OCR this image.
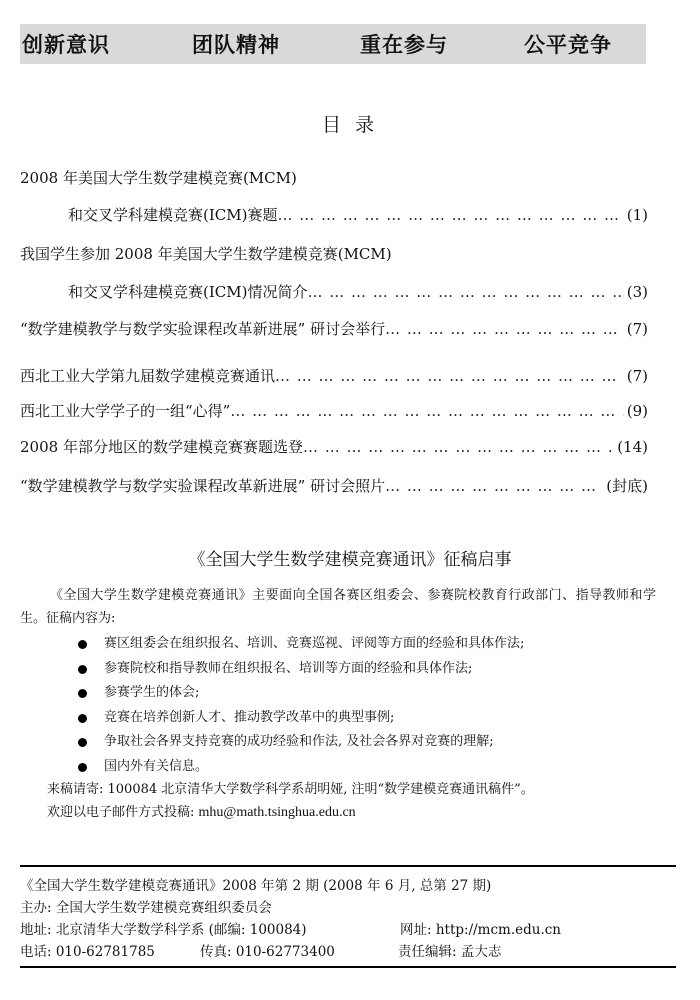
创新意识	团队精神	重在参与	公平竞争
目 录
2008 年美国大学生数学建模竞赛(MCM)
和交叉学科建模竞赛(ICM)赛题 … … … … … … … … … … … … … … … … … … … … … … … … … … … … … … … … … … … … … … … … … …	(1)
我国学生参加 2008 年美国大学生数学建模竞赛(MCM)
和交叉学科建模竞赛(ICM)情况简介 … … … … … … … … … … … … … … … … … … … … … … … … … … … … … … … … … … … … … … … … … …	(3)
“数学建模教学与数学实验课程改革新进展” 研讨会举行 … … … … … … … … … … … … … … … … … … … … … … … … … … … … … … … … … … … … … … … … … …	(7)
西北工业大学第九届数学建模竞赛通讯 … … … … … … … … … … … … … … … … … … … … … … … … … … … … … … … … … … … … … … … … … …	(7)
西北工业大学学子的一组“心得” … … … … … … … … … … … … … … … … … … … … … … … … … … … … … … … … … … … … … … … … … …	(9)
2008 年部分地区的数学建模竞赛赛题选登 … … … … … … … … … … … … … … … … … … … … … … … … … … … … … … … … … … … … … … … … … …	(14)
“数学建模教学与数学实验课程改革新进展” 研讨会照片 … … … … … … … … … … … … … … … … … … … … … … … … … … … … … … … … … … … … … … … … … …	(封底)
《全国大学生数学建模竞赛通讯》征稿启事
《全国大学生数学建模竞赛通讯》主要面向全国各赛区组委会、参赛院校教育行政部门、指导教师和学生。征稿内容为:
赛区组委会在组织报名、培训、竞赛巡视、评阅等方面的经验和具体作法;
参赛院校和指导教师在组织报名、培训等方面的经验和具体作法;
参赛学生的体会;
竞赛在培养创新人才、推动教学改革中的典型事例;
争取社会各界支持竞赛的成功经验和作法, 及社会各界对竞赛的理解;
国内外有关信息。
来稿请寄: 100084 北京清华大学数学科学系胡明娅, 注明“数学建模竞赛通讯稿件”。
欢迎以电子邮件方式投稿: mhu@math.tsinghua.edu.cn
《全国大学生数学建模竞赛通讯》2008 年第 2 期 (2008 年 6 月, 总第 27 期)
主办: 全国大学生数学建模竞赛组织委员会
地址: 北京清华大学数学科学系 (邮编: 100084)	网址: http://mcm.edu.cn
电话: 010-62781785	传真: 010-62773400	责任编辑: 孟大志
